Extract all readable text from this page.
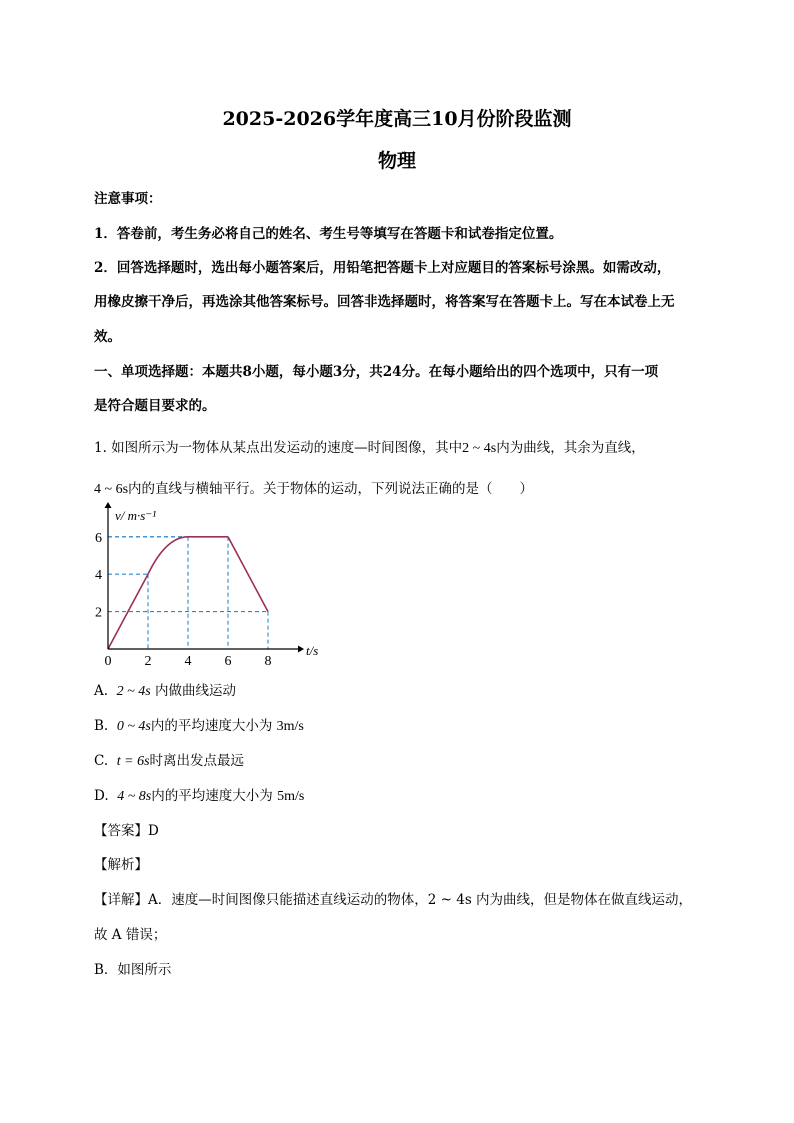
2025-2026学年度高三10月份阶段监测
物理
注意事项：
1．答卷前，考生务必将自己的姓名、考生号等填写在答题卡和试卷指定位置。
2．回答选择题时，选出每小题答案后，用铅笔把答题卡上对应题目的答案标号涂黑。如需改动，
用橡皮擦干净后，再选涂其他答案标号。回答非选择题时，将答案写在答题卡上。写在本试卷上无
效。
一、单项选择题：本题共8小题，每小题3分，共24分。在每小题给出的四个选项中，只有一项
是符合题目要求的。
1. 如图所示为一物体从某点出发运动的速度—时间图像，其中2 ~ 4s内为曲线，其余为直线，
4 ~ 6s内的直线与横轴平行。关于物体的运动，下列说法正确的是（　　）
0 2 4 6 8
2
4
6
v/ m·s⁻¹
t/s
A. 2 ~ 4s 内做曲线运动
B. 0 ~ 4s内的平均速度大小为 3m/s
C. t = 6s时离出发点最远
D. 4 ~ 8s内的平均速度大小为 5m/s
【答案】D
【解析】
【详解】A．速度—时间图像只能描述直线运动的物体，2 ~ 4s 内为曲线，但是物体在做直线运动，
故 A 错误；
B．如图所示
